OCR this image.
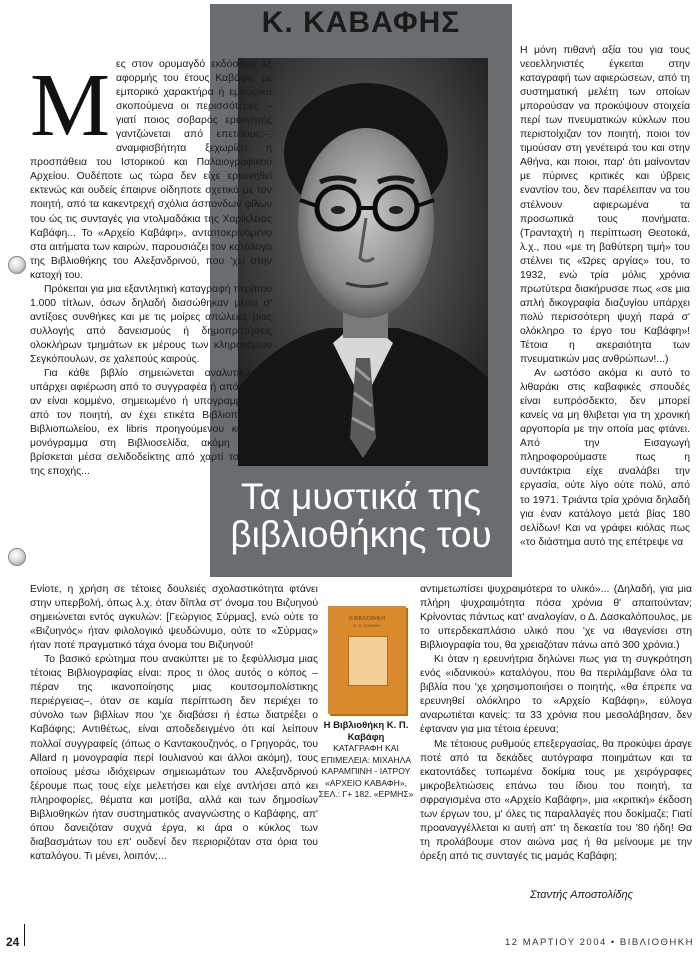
Κ. ΚΑΒΑΦΗΣ
Τα μυστικά της
βιβλιοθήκης του

Μες στον ορυμαγδό εκδόσεων εξ αφορμής του έτους Καβάφη, με εμπορικό χαρακτήρα ή εμπορικά σκοπούμενα οι περισσότερες –γιατί ποιος σοβαρός ερευνητής γαντζώνεται από επετείους;–, αναμφισβήτητα ξεχωρίζει η προσπάθεια του Ιστορικού και Παλαιογραφικού Αρχείου. Ουδέποτε ως τώρα δεν είχε ερευνηθεί εκτενώς και ουδείς έπαιρνε οίδηποτε σχετικό με τον ποιητή, από τα κακεντρεχή σχόλια άσπονδων φίλων του ώς τις συνταγές για ντολμαδάκια της Χαρίκλειας Καβάφη... Το «Αρχείο Καβάφη», ανταποκρινόμενο στα αιτήματα των καιρών, παρουσιάζει τον κατάλογο της Βιβλιοθήκης του Αλεξανδρινού, που 'χει στην κατοχή του.

Πρόκειται για μια εξαντλητική καταγραφή περίπου 1.000 τίτλων, όσων δηλαδή διασώθηκαν μέσα σ' αντίξοες συνθήκες και με τις μοίρες απώλειες μιας συλλογής από δανεισμούς ή δημοπρατήσεις ολοκλήρων τμημάτων εκ μέρους των κληρονόμων Σεγκόπουλων, σε χαλεπούς καιρούς.

Για κάθε βιβλίο σημειώνεται αναλυτικά αν υπάρχει αφιέρωση από το συγγραφέα ή από άλλον, αν είναι κομμένο, σημειωμένο ή υπογραμμισμένο από τον ποιητή, αν έχει ετικέτα Βιβλιοπωλείου, Βιβλιοπωλείου, ex libris προηγούμενου κατόχου, μονόγραμμα στη Βιβλιοσελίδα, ακόμη κι αν βρίσκεται μέσα σελιδοδείκτης από χαρτί τσιγάρων της εποχής...

Η μόνη πιθανή αξία του για τους νεοελληνιστές έγκειται στην καταγραφή των αφιερώσεων, από τη συστηματική μελέτη των οποίων μπορούσαν να προκύψουν στοιχεία περί των πνευματικών κύκλων που περιστοίχιζαν τον ποιητή, ποιοι τον τιμούσαν στη γενέτειρά του και στην Αθήνα, και ποιοι, παρ' ότι μαίνονταν με πύρινες κριτικές και ύβρεις εναντίον του, δεν παρέλειπαν να του στέλνουν αφιερωμένα τα προσωπικά τους πονήματα. (Τρανταχτή η περίπτωση Θεοτοκά, λ.χ., που «με τη βαθύτερη τιμή» του στέλνει τις «Ώρες αργίας» του, το 1932, ενώ τρία μόλις χρόνια πρωτύτερα διακήρυσσε πως «σε μια απλή δικογραφία διαζυγίου υπάρχει πολύ περισσότερη ψυχή παρά σ' ολόκληρο το έργο του Καβάφη»! Τέτοια η ακεραιότητα των πνευματικών μας ανθρώπων!...)

Αν ωστόσο ακόμα κι αυτό το λιθαράκι στις καβαφικές σπουδές είναι ευπρόσδεκτο, δεν μπορεί κανείς να μη θλιβεται για τη χρονική αργοπορία με την οποία μας φτάνει. Από την Εισαγωγή πληροφορούμαστε πως η συντάκτρια είχε αναλάβει την εργασία, ούτε λίγο ούτε πολύ, από το 1971. Τριάντα τρία χρόνια δηλαδή για έναν κατάλογο μετά βίας 180 σελίδων! Και να γράφει κιόλας πως «το διάστημα αυτό της επέτρεψε να

Η ΒΙΒΛΙΟΘΗΚΗ
Κ. Π. ΚΑΒΑΦΗ
Η Βιβλιοθήκη Κ. Π. Καβάφη
ΚΑΤΑΓΡΑΦΗ ΚΑΙ
ΕΠΙΜΕΛΕΙΑ: ΜΙΧΑΗΛΑ
ΚΑΡΑΜΠΙΝΗ - ΙΑΤΡΟΥ
«ΑΡΧΕΙΟ ΚΑΒΑΦΗ»,
ΣΕΛ.: Γ+ 182. «ΕΡΜΗΣ»

Ενίοτε, η χρήση σε τέτοιες δουλειές σχολαστικότητα φτάνει στην υπερβολή, όπως λ.χ. όταν δίπλα στ' όνομα του Βιζυηνού σημειώνεται εντός αγκυλών: [Γεώργιος Σύρμας], ενώ ούτε το «Βιζυηνός» ήταν φιλολογικό ψευδώνυμο, ούτε το «Σύρμας» ήταν ποτέ πραγματικό τάχα όνομα του Βιζυηνού!

Το βασικό ερώτημα που ανακύπτει με το ξεφύλλισμα μιας τέτοιας Βιβλιογραφίας είναι: προς τι όλος αυτός ο κόπος –πέραν της ικανοποίησης μιας κουτσομπολίστικης περιέργειας–, όταν σε καμία περίπτωση δεν περιέχει το σύνολο των βιβλίων που 'χε διαβάσει ή έστω διατρέξει ο Καβάφης; Αντιθέτως, είναι αποδεδειγμένο ότι καί λείπουν πολλοί συγγραφείς (όπως ο Καντακουζηνός, ο Γρηγοράς, του Allard η μονογραφία περί Ιουλιανού και άλλοι ακόμη), τους οποίους μέσω ιδιόχειρων σημειωμάτων του Αλεξανδρινού ξέρουμε πως τους είχε μελετήσει και είχε αντλήσει από κει πληροφορίες, θέματα και μοτίβα, αλλά και των δημοσίων Βιβλιοθηκών ήταν συστηματικός αναγνώστης ο Καβάφης, απ' όπου δανειζόταν συχνά έργα, κι άρα ο κύκλος των διαβασμάτων του επ' ουδενί δεν περιοριζόταν στα όρια του καταλόγου. Τι μένει, λοιπόν;...

αντιμετωπίσει ψυχραιμότερα το υλικό»... (Δηλαδή, για μια πλήρη ψυχραιμότητα πόσα χρόνια θ' απαιτούνταν; Κρίνοντας πάντως κατ' αναλογίαν, ο Δ. Δασκαλόπουλος, με το υπερδεκαπλάσιο υλικό που 'χε να ιθαγενίσει στη Βιβλιογραφία του, θα χρειαζόταν πάνω από 300 χρόνια.)

Κι όταν η ερευνήτρια δηλώνει πως για τη συγκρότηση ενός «ιδανικού» καταλόγου, που θα περιλάμβανε όλα τα βιβλία που 'χε χρησιμοποιήσει ο ποιητής, «θα έπρεπε να ερευνηθεί ολόκληρο το «Αρχείο Καβάφη», εύλογα αναρωτιέται κανείς: τα 33 χρόνια που μεσολάβησαν, δεν έφταναν για μια τέτοια έρευνα;

Με τέτοιους ρυθμούς επεξεργασίας, θα προκύψει άραγε ποτέ από τα δεκάδες αυτόγραφα ποιημάτων και τα εκατοντάδες τυπωμένα δοκίμια τους με χειρόγραφες μικροβελτιώσεις επάνω του ίδιου του ποιητή, τα σφραγισμένα στο «Αρχείο Καβάφη», μια «κριτική» έκδοση των έργων του, μ' όλες τις παραλλαγές που δοκίμαζε; Γιατί προαναγγέλλεται κι αυτή απ' τη δεκαετία του '80 ήδη! Θα τη προλάβουμε στον αιώνα μας ή θα μείνουμε με την όρεξη από τις συνταγές τις μαμάς Καβάφη;

Σταντής Αποστολίδης
24	12 ΜΑΡΤΙΟΥ 2004 • ΒΙΒΛΙΟΘΗΚΗ
